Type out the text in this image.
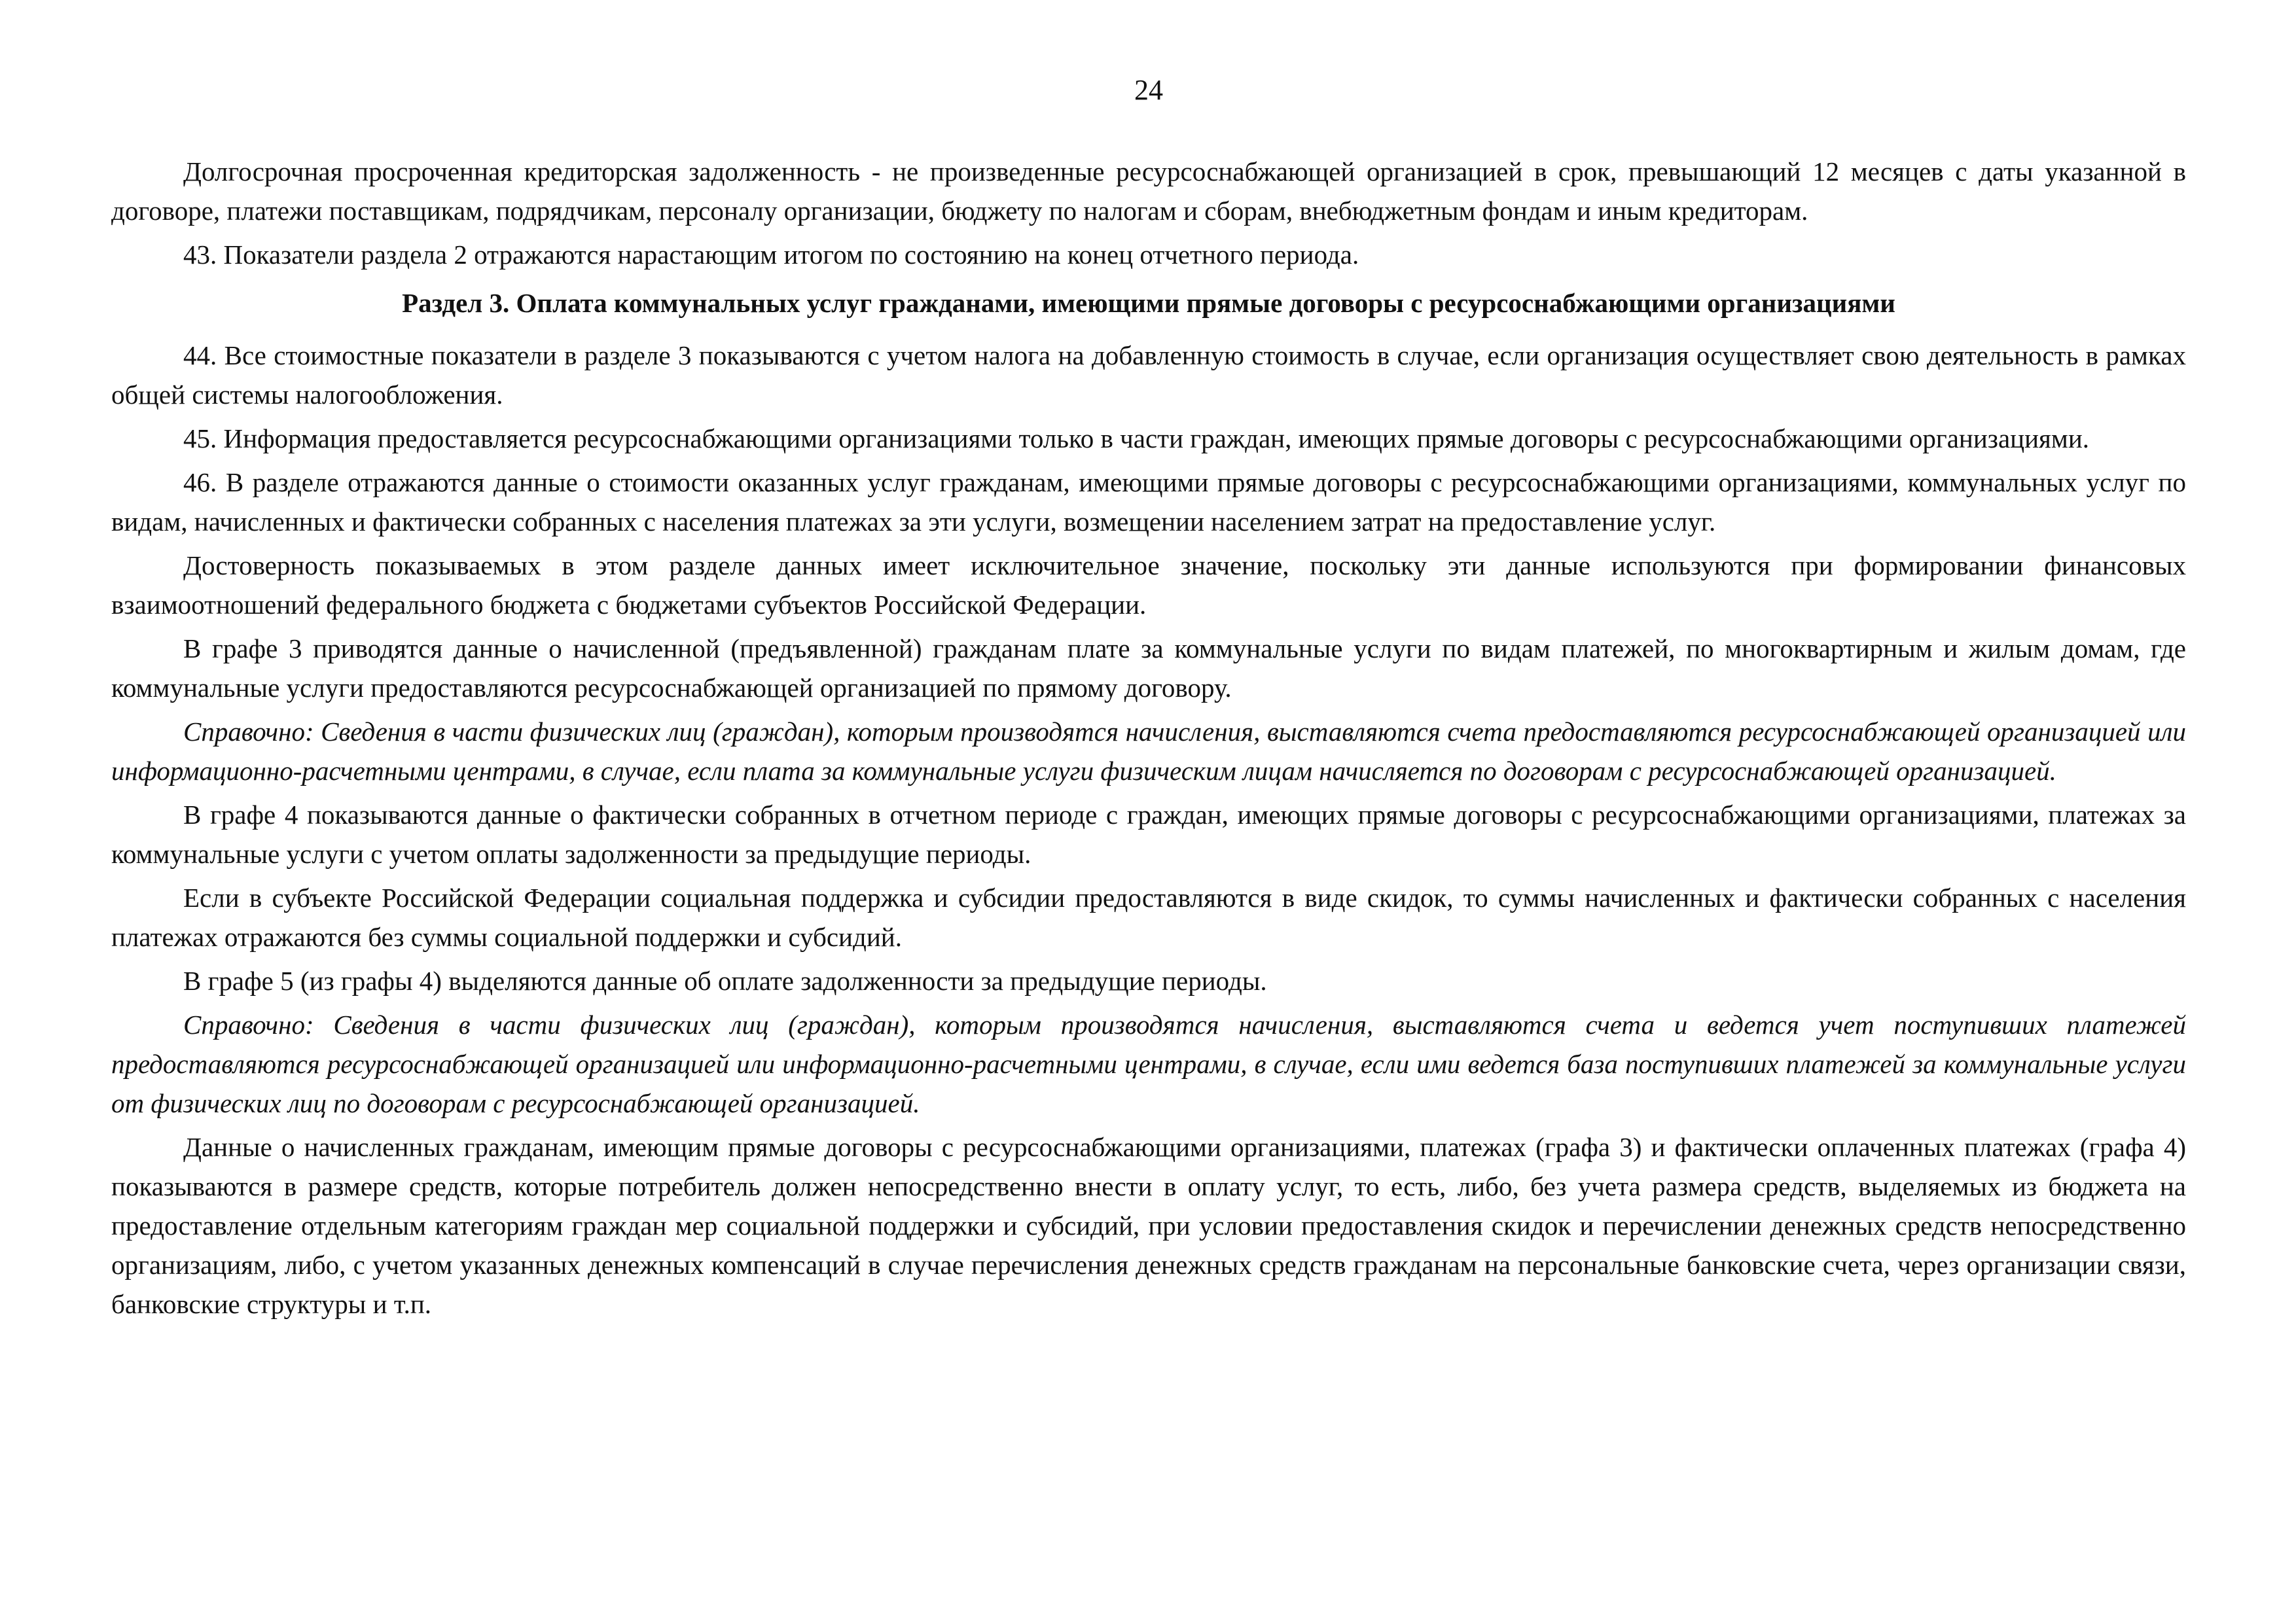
24

Долгосрочная просроченная кредиторская задолженность - не произведенные ресурсоснабжающей организацией в срок, превышающий 12 месяцев с даты указанной в договоре, платежи поставщикам, подрядчикам, персоналу организации, бюджету по налогам и сборам, внебюджетным фондам и иным кредиторам.

43. Показатели раздела 2 отражаются нарастающим итогом по состоянию на конец отчетного периода.

Раздел 3. Оплата коммунальных услуг гражданами, имеющими прямые договоры с ресурсоснабжающими организациями

44. Все стоимостные показатели в разделе 3 показываются с учетом налога на добавленную стоимость в случае, если организация осуществляет свою деятельность в рамках общей системы налогообложения.

45. Информация предоставляется ресурсоснабжающими организациями только в части граждан, имеющих прямые договоры с ресурсоснабжающими организациями.

46. В разделе отражаются данные о стоимости оказанных услуг гражданам, имеющими прямые договоры с ресурсоснабжающими организациями, коммунальных услуг по видам, начисленных и фактически собранных с населения платежах за эти услуги, возмещении населением затрат на предоставление услуг.

Достоверность показываемых в этом разделе данных имеет исключительное значение, поскольку эти данные используются при формировании финансовых взаимоотношений федерального бюджета с бюджетами субъектов Российской Федерации.

В графе 3 приводятся данные о начисленной (предъявленной) гражданам плате за коммунальные услуги по видам платежей, по многоквартирным и жилым домам, где коммунальные услуги предоставляются ресурсоснабжающей организацией по прямому договору.

Справочно: Сведения в части физических лиц (граждан), которым производятся начисления, выставляются счета предоставляются ресурсоснабжающей организацией или информационно-расчетными центрами, в случае, если плата за коммунальные услуги физическим лицам начисляется по договорам с ресурсоснабжающей организацией.

В графе 4 показываются данные о фактически собранных в отчетном периоде с граждан, имеющих прямые договоры с ресурсоснабжающими организациями, платежах за коммунальные услуги с учетом оплаты задолженности за предыдущие периоды.

Если в субъекте Российской Федерации социальная поддержка и субсидии предоставляются в виде скидок, то суммы начисленных и фактически собранных с населения платежах отражаются без суммы социальной поддержки и субсидий.

В графе 5 (из графы 4) выделяются данные об оплате задолженности за предыдущие периоды.

Справочно: Сведения в части физических лиц (граждан), которым производятся начисления, выставляются счета и ведется учет поступивших платежей предоставляются ресурсоснабжающей организацией или информационно-расчетными центрами, в случае, если ими ведется база поступивших платежей за коммунальные услуги от физических лиц по договорам с ресурсоснабжающей организацией.

Данные о начисленных гражданам, имеющим прямые договоры с ресурсоснабжающими организациями, платежах (графа 3) и фактически оплаченных платежах (графа 4) показываются в размере средств, которые потребитель должен непосредственно внести в оплату услуг, то есть, либо, без учета размера средств, выделяемых из бюджета на предоставление отдельным категориям граждан мер социальной поддержки и субсидий, при условии предоставления скидок и перечислении денежных средств непосредственно организациям, либо, с учетом указанных денежных компенсаций в случае перечисления денежных средств гражданам на персональные банковские счета, через организации связи, банковские структуры и т.п.
